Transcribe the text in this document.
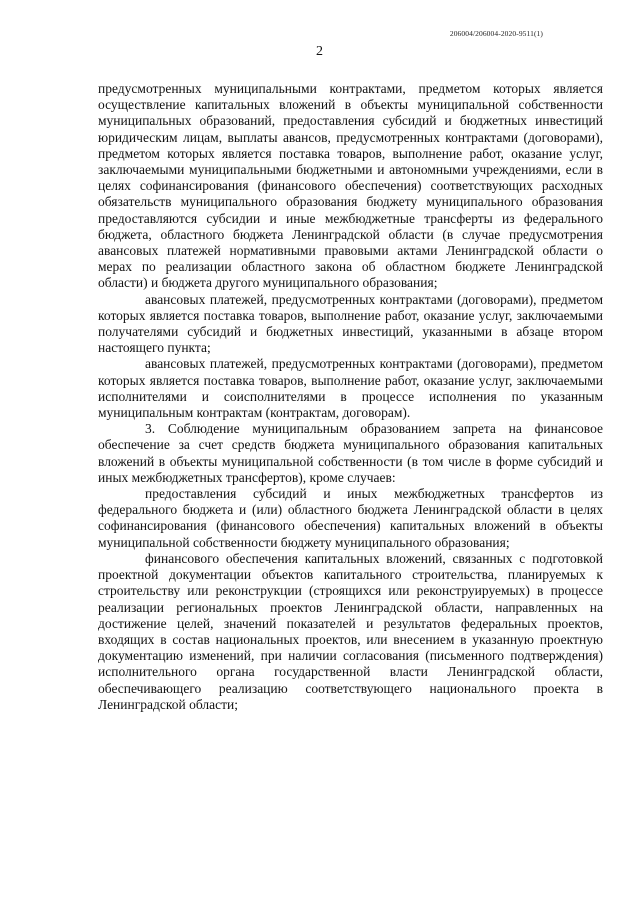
206004/206004-2020-9511(1)
2

предусмотренных муниципальными контрактами, предметом которых является осуществление капитальных вложений в объекты муниципальной собственности муниципальных образований, предоставления субсидий и бюджетных инвестиций юридическим лицам, выплаты авансов, предусмотренных контрактами (договорами), предметом которых является поставка товаров, выполнение работ, оказание услуг, заключаемыми муниципальными бюджетными и автономными учреждениями, если в целях софинансирования (финансового обеспечения) соответствующих расходных обязательств муниципального образования бюджету муниципального образования предоставляются субсидии и иные межбюджетные трансферты из федерального бюджета, областного бюджета Ленинградской области (в случае предусмотрения авансовых платежей нормативными правовыми актами Ленинградской области о мерах по реализации областного закона об областном бюджете Ленинградской области) и бюджета другого муниципального образования;

авансовых платежей, предусмотренных контрактами (договорами), предметом которых является поставка товаров, выполнение работ, оказание услуг, заключаемыми получателями субсидий и бюджетных инвестиций, указанными в абзаце втором настоящего пункта;

авансовых платежей, предусмотренных контрактами (договорами), предметом которых является поставка товаров, выполнение работ, оказание услуг, заключаемыми исполнителями и соисполнителями в процессе исполнения по указанным муниципальным контрактам (контрактам, договорам).

3. Соблюдение муниципальным образованием запрета на финансовое обеспечение за счет средств бюджета муниципального образования капитальных вложений в объекты муниципальной собственности (в том числе в форме субсидий и иных межбюджетных трансфертов), кроме случаев:

предоставления субсидий и иных межбюджетных трансфертов из федерального бюджета и (или) областного бюджета Ленинградской области в целях софинансирования (финансового обеспечения) капитальных вложений в объекты муниципальной собственности бюджету муниципального образования;

финансового обеспечения капитальных вложений, связанных с подготовкой проектной документации объектов капитального строительства, планируемых к строительству или реконструкции (строящихся или реконструируемых) в процессе реализации региональных проектов Ленинградской области, направленных на достижение целей, значений показателей и результатов федеральных проектов, входящих в состав национальных проектов, или внесением в указанную проектную документацию изменений, при наличии согласования (письменного подтверждения) исполнительного органа государственной власти Ленинградской области, обеспечивающего реализацию соответствующего национального проекта в Ленинградской области;
